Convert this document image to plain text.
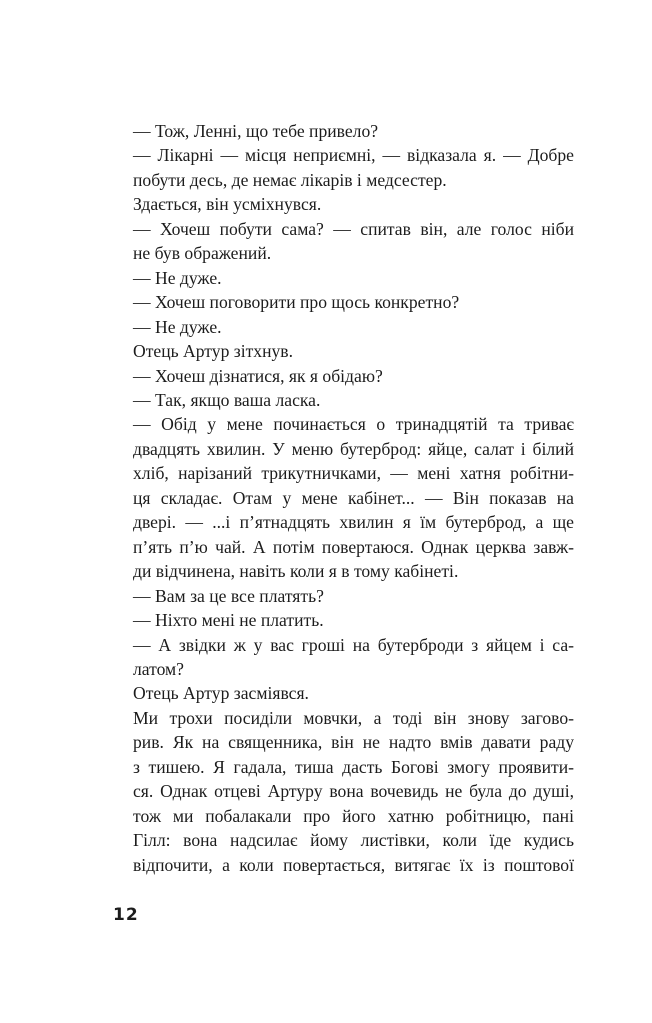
— Тож, Ленні, що тебе привело?

— Лікарні — місця неприємні, — відказала я. — Добре
побути десь, де немає лікарів і медсестер.

Здається, він усміхнувся.

— Хочеш побути сама? — спитав він, але голос ніби
не був ображений.

— Не дуже.

— Хочеш поговорити про щось конкретно?

— Не дуже.

Отець Артур зітхнув.

— Хочеш дізнатися, як я обідаю?

— Так, якщо ваша ласка.

— Обід у мене починається о тринадцятій та триває
двадцять хвилин. У меню бутерброд: яйце, салат і білий
хліб, нарізаний трикутничками, — мені хатня робітни-
ця складає. Отам у мене кабінет... — Він показав на
двері. — ...і п’ятнадцять хвилин я їм бутерброд, а ще
п’ять п’ю чай. А потім повертаюся. Однак церква завж-
ди відчинена, навіть коли я в тому кабінеті.

— Вам за це все платять?

— Ніхто мені не платить.

— А звідки ж у вас гроші на бутерброди з яйцем і са-
латом?

Отець Артур засміявся.

Ми трохи посиділи мовчки, а тоді він знову загово-
рив. Як на священника, він не надто вмів давати раду
з тишею. Я гадала, тиша дасть Богові змогу проявити-
ся. Однак отцеві Артуру вона вочевидь не була до душі,
тож ми побалакали про його хатню робітницю, пані
Гілл: вона надсилає йому листівки, коли їде кудись
відпочити, а коли повертається, витягає їх із поштової

12
